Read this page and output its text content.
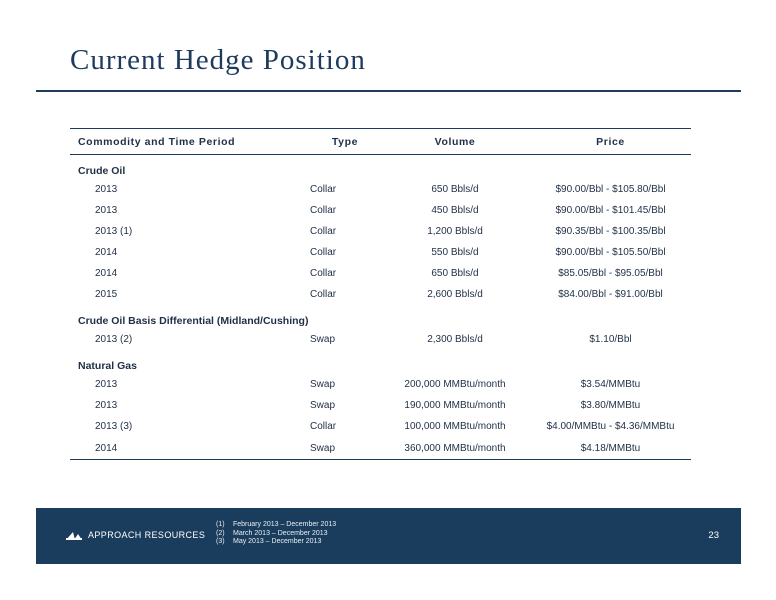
Current Hedge Position
Commodity and Time Period	Type	Volume	Price
Crude Oil			
2013	Collar	650 Bbls/d	$90.00/Bbl - $105.80/Bbl
2013	Collar	450 Bbls/d	$90.00/Bbl - $101.45/Bbl
2013 (1)	Collar	1,200 Bbls/d	$90.35/Bbl - $100.35/Bbl
2014	Collar	550 Bbls/d	$90.00/Bbl - $105.50/Bbl
2014	Collar	650 Bbls/d	$85.05/Bbl - $95.05/Bbl
2015	Collar	2,600 Bbls/d	$84.00/Bbl - $91.00/Bbl
Crude Oil Basis Differential (Midland/Cushing)			
2013 (2)	Swap	2,300 Bbls/d	$1.10/Bbl
Natural Gas			
2013	Swap	200,000 MMBtu/month	$3.54/MMBtu
2013	Swap	190,000 MMBtu/month	$3.80/MMBtu
2013 (3)	Collar	100,000 MMBtu/month	$4.00/MMBtu - $4.36/MMBtu
2014	Swap	360,000 MMBtu/month	$4.18/MMBtu
APPROACH RESOURCES
(1)	February 2013 – December 2013
(2)	March 2013 – December 2013
(3)	May 2013 – December 2013
23
